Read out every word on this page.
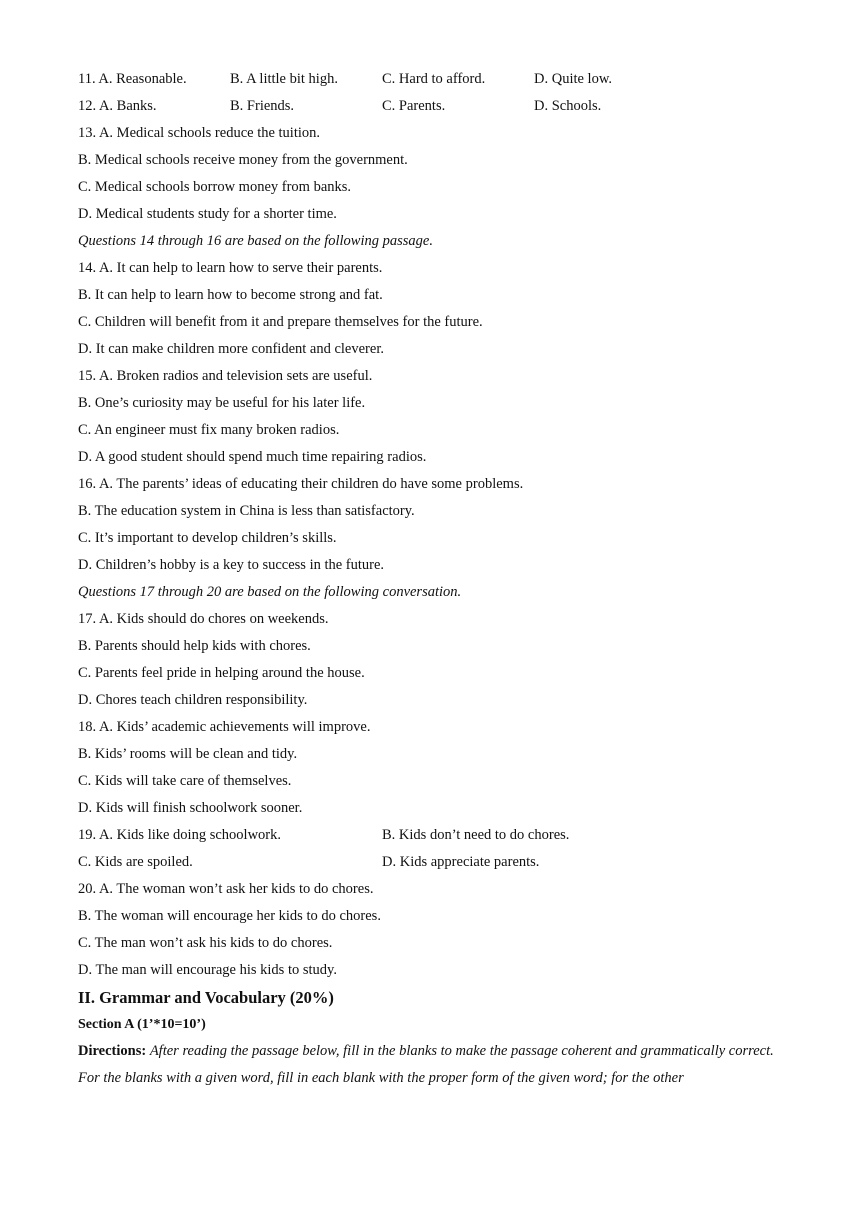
11. A. Reasonable.	B. A little bit high.	C. Hard to afford.	D. Quite low.
12. A. Banks.	B. Friends.	C. Parents.	D. Schools.
13. A. Medical schools reduce the tuition.
B. Medical schools receive money from the government.
C. Medical schools borrow money from banks.
D. Medical students study for a shorter time.
Questions 14 through 16 are based on the following passage.
14. A. It can help to learn how to serve their parents.
B. It can help to learn how to become strong and fat.
C. Children will benefit from it and prepare themselves for the future.
D. It can make children more confident and cleverer.
15. A. Broken radios and television sets are useful.
B. One’s curiosity may be useful for his later life.
C. An engineer must fix many broken radios.
D. A good student should spend much time repairing radios.
16. A. The parents’ ideas of educating their children do have some problems.
B. The education system in China is less than satisfactory.
C. It’s important to develop children’s skills.
D. Children’s hobby is a key to success in the future.
Questions 17 through 20 are based on the following conversation.
17. A. Kids should do chores on weekends.
B. Parents should help kids with chores.
C. Parents feel pride in helping around the house.
D. Chores teach children responsibility.
18. A. Kids’ academic achievements will improve.
B. Kids’ rooms will be clean and tidy.
C. Kids will take care of themselves.
D. Kids will finish schoolwork sooner.
19. A. Kids like doing schoolwork.	B. Kids don’t need to do chores.
C. Kids are spoiled.	D. Kids appreciate parents.
20. A. The woman won’t ask her kids to do chores.
B. The woman will encourage her kids to do chores.
C. The man won’t ask his kids to do chores.
D. The man will encourage his kids to study.
II. Grammar and Vocabulary (20%)
Section A (1’*10=10’)
Directions: After reading the passage below, fill in the blanks to make the passage coherent and grammatically correct. For the blanks with a given word, fill in each blank with the proper form of the given word; for the other
